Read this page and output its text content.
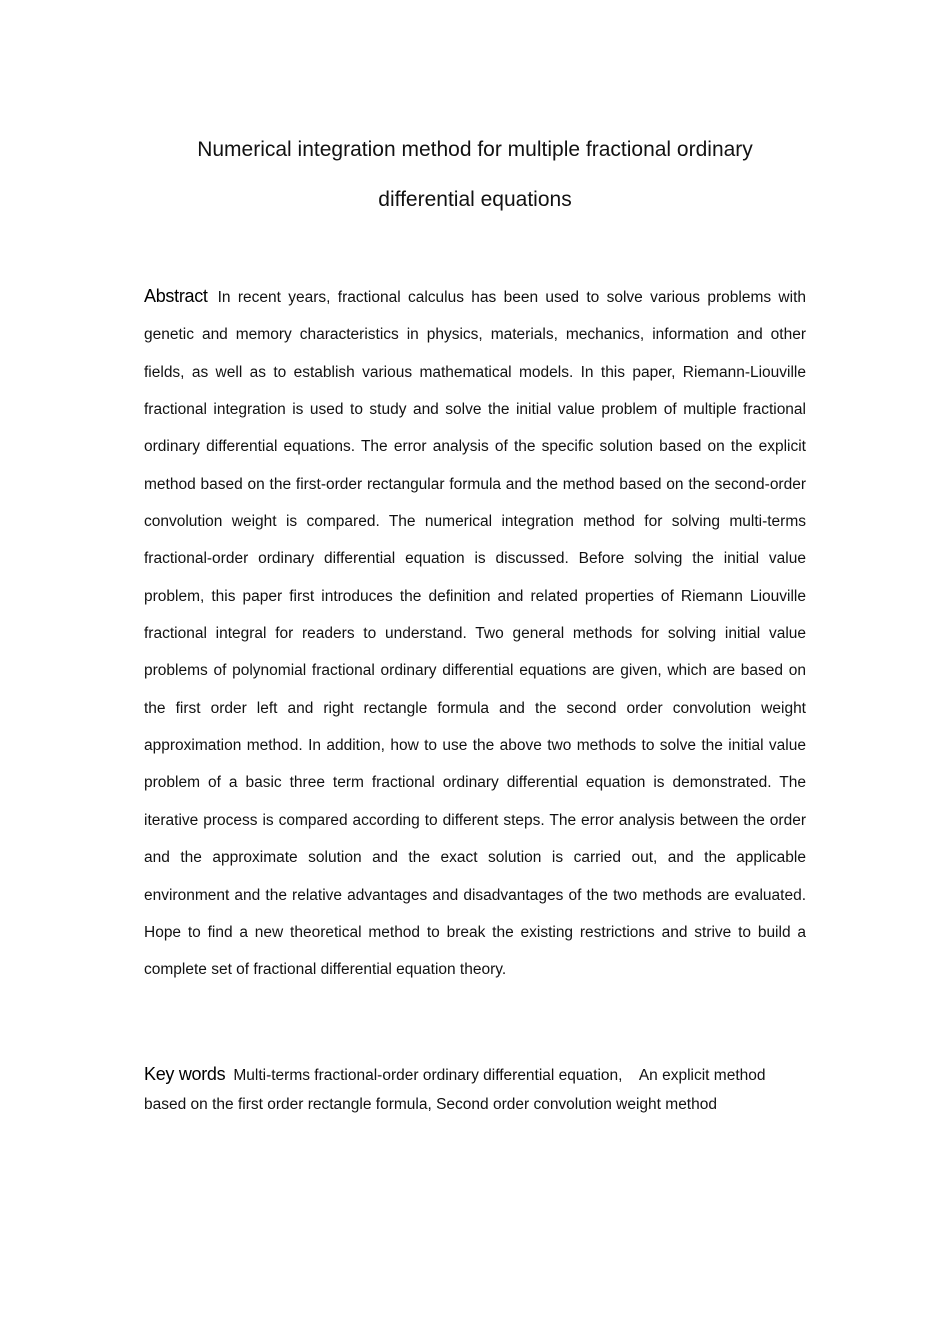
Numerical integration method for multiple fractional ordinary
differential equations

Abstract In recent years, fractional calculus has been used to solve various problems with genetic and memory characteristics in physics, materials, mechanics, information and other fields, as well as to establish various mathematical models. In this paper, Riemann-Liouville fractional integration is used to study and solve the initial value problem of multiple fractional ordinary differential equations. The error analysis of the specific solution based on the explicit method based on the first-order rectangular formula and the method based on the second-order convolution weight is compared. The numerical integration method for solving multi-terms fractional-order ordinary differential equation is discussed. Before solving the initial value problem, this paper first introduces the definition and related properties of Riemann Liouville fractional integral for readers to understand. Two general methods for solving initial value problems of polynomial fractional ordinary differential equations are given, which are based on the first order left and right rectangle formula and the second order convolution weight approximation method. In addition, how to use the above two methods to solve the initial value problem of a basic three term fractional ordinary differential equation is demonstrated. The iterative process is compared according to different steps. The error analysis between the order and the approximate solution and the exact solution is carried out, and the applicable environment and the relative advantages and disadvantages of the two methods are evaluated. Hope to find a new theoretical method to break the existing restrictions and strive to build a complete set of fractional differential equation theory.

Key words Multi-terms fractional-order ordinary differential equation, An explicit method based on the first order rectangle formula, Second order convolution weight method
